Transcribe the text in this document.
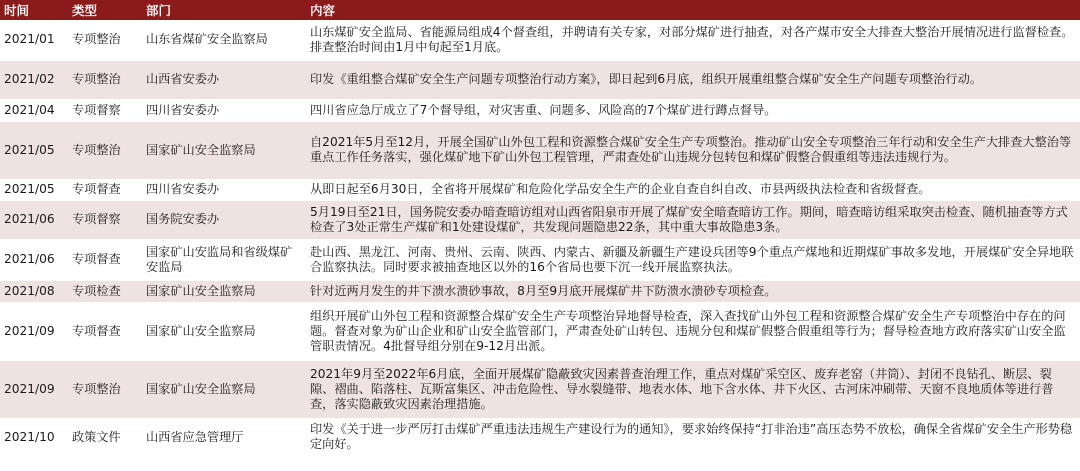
时间	类型	部门	内容
2021/01	专项整治	山东省煤矿安全监察局	山东煤矿安全监局、省能源局组成4个督查组，并聘请有关专家，对部分煤矿进行抽查，对各产煤市安全大排查大整治开展情况进行监督检查。排查整治时间由1月中旬起至1月底。
2021/02	专项整治	山西省安委办	印发《重组整合煤矿安全生产问题专项整治行动方案》，即日起到6月底，组织开展重组整合煤矿安全生产问题专项整治行动。
2021/04	专项督察	四川省安委办	四川省应急厅成立了7个督导组，对灾害重、问题多、风险高的7个煤矿进行蹲点督导。
2021/05	专项整治	国家矿山安全监察局	自2021年5月至12月，开展全国矿山外包工程和资源整合煤矿安全生产专项整治。推动矿山安全专项整治三年行动和安全生产大排查大整治等重点工作任务落实，强化煤矿地下矿山外包工程管理，严肃查处矿山违规分包转包和煤矿假整合假重组等违法违规行为。
2021/05	专项督查	四川省安委办	从即日起至6月30日，全省将开展煤矿和危险化学品安全生产的企业自查自纠自改、市县两级执法检查和省级督查。
2021/06	专项督察	国务院安委办	5月19日至21日，国务院安委办暗查暗访组对山西省阳泉市开展了煤矿安全暗查暗访工作。期间，暗查暗访组采取突击检查、随机抽查等方式检查了3处正常生产煤矿和1处建设煤矿，共发现问题隐患22条，其中重大事故隐患3条。
2021/06	专项督查	国家矿山安监局和省级煤矿安监局	赴山西、黑龙江、河南、贵州、云南、陕西、内蒙古、新疆及新疆生产建设兵团等9个重点产煤地和近期煤矿事故多发地，开展煤矿安全异地联合监察执法。同时要求被抽查地区以外的16个省局也要下沉一线开展监察执法。
2021/08	专项检查	国家矿山安全监察局	针对近两月发生的井下溃水溃砂事故，8月至9月底开展煤矿井下防溃水溃砂专项检查。
2021/09	专项督查	国家矿山安全监察局	组织开展矿山外包工程和资源整合煤矿安全生产专项整治异地督导检查，深入查找矿山外包工程和资源整合煤矿安全生产专项整治中存在的问题。督查对象为矿山企业和矿山安全监管部门，严肃查处矿山转包、违规分包和煤矿假整合假重组等行为；督导检查地方政府落实矿山安全监管职责情况。4批督导组分别在9-12月出派。
2021/09	专项整治	国家矿山安全监察局	2021年9月至2022年6月底，全面开展煤矿隐蔽致灾因素普查治理工作，重点对煤矿采空区、废弃老窑（井筒）、封闭不良钻孔、断层、裂隙、褶曲、陷落柱、瓦斯富集区、冲击危险性、导水裂缝带、地表水体、地下含水体、井下火区、古河床冲刷带、天窗不良地质体等进行普查，落实隐蔽致灾因素治理措施。
2021/10	政策文件	山西省应急管理厅	印发《关于进一步严厉打击煤矿严重违法违规生产建设行为的通知》，要求始终保持“打非治违”高压态势不放松，确保全省煤矿安全生产形势稳定向好。
